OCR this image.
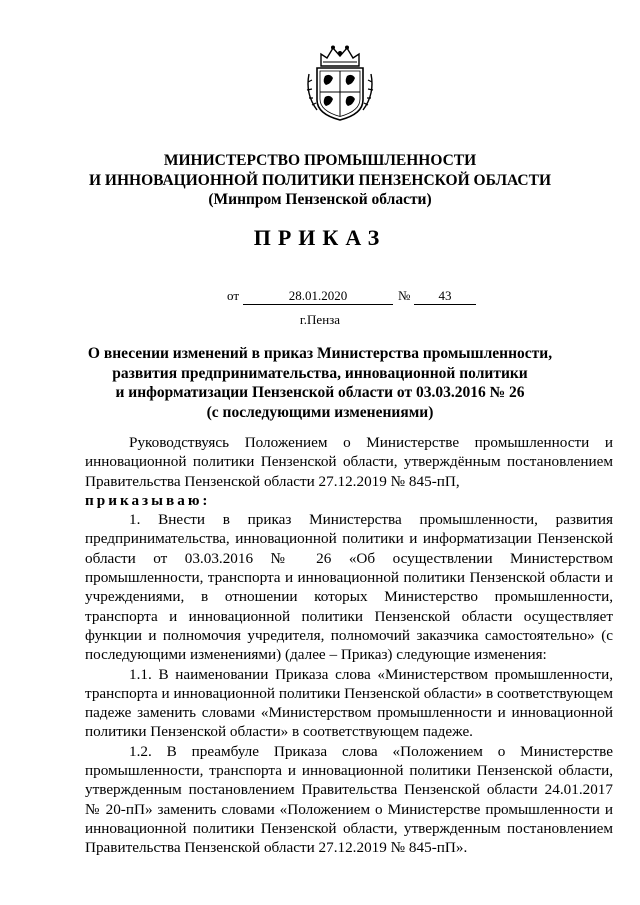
МИНИСТЕРСТВО ПРОМЫШЛЕННОСТИ
И ИННОВАЦИОННОЙ ПОЛИТИКИ ПЕНЗЕНСКОЙ ОБЛАСТИ
(Минпром Пензенской области)
ПРИКАЗ
от	28.01.2020	№	43
г.Пенза
О внесении изменений в приказ Министерства промышленности,
развития предпринимательства, инновационной политики
и информатизации Пензенской области от 03.03.2016 № 26
(с последующими изменениями)

Руководствуясь Положением о Министерстве промышленности и инновационной политики Пензенской области, утверждённым постановлением Правительства Пензенской области 27.12.2019 № 845-пП,

приказываю:

1. Внести в приказ Министерства промышленности, развития предпринимательства, инновационной политики и информатизации Пензенской области от 03.03.2016 № 26 «Об осуществлении Министерством промышленности, транспорта и инновационной политики Пензенской области и учреждениями, в отношении которых Министерство промышленности, транспорта и инновационной политики Пензенской области осуществляет функции и полномочия учредителя, полномочий заказчика самостоятельно» (с последующими изменениями) (далее – Приказ) следующие изменения:

1.1. В наименовании Приказа слова «Министерством промышленности, транспорта и инновационной политики Пензенской области» в соответствующем падеже заменить словами «Министерством промышленности и инновационной политики Пензенской области» в соответствующем падеже.

1.2. В преамбуле Приказа слова «Положением о Министерстве промышленности, транспорта и инновационной политики Пензенской области, утвержденным постановлением Правительства Пензенской области 24.01.2017 № 20-пП» заменить словами «Положением о Министерстве промышленности и инновационной политики Пензенской области, утвержденным постановлением Правительства Пензенской области 27.12.2019 № 845-пП».
